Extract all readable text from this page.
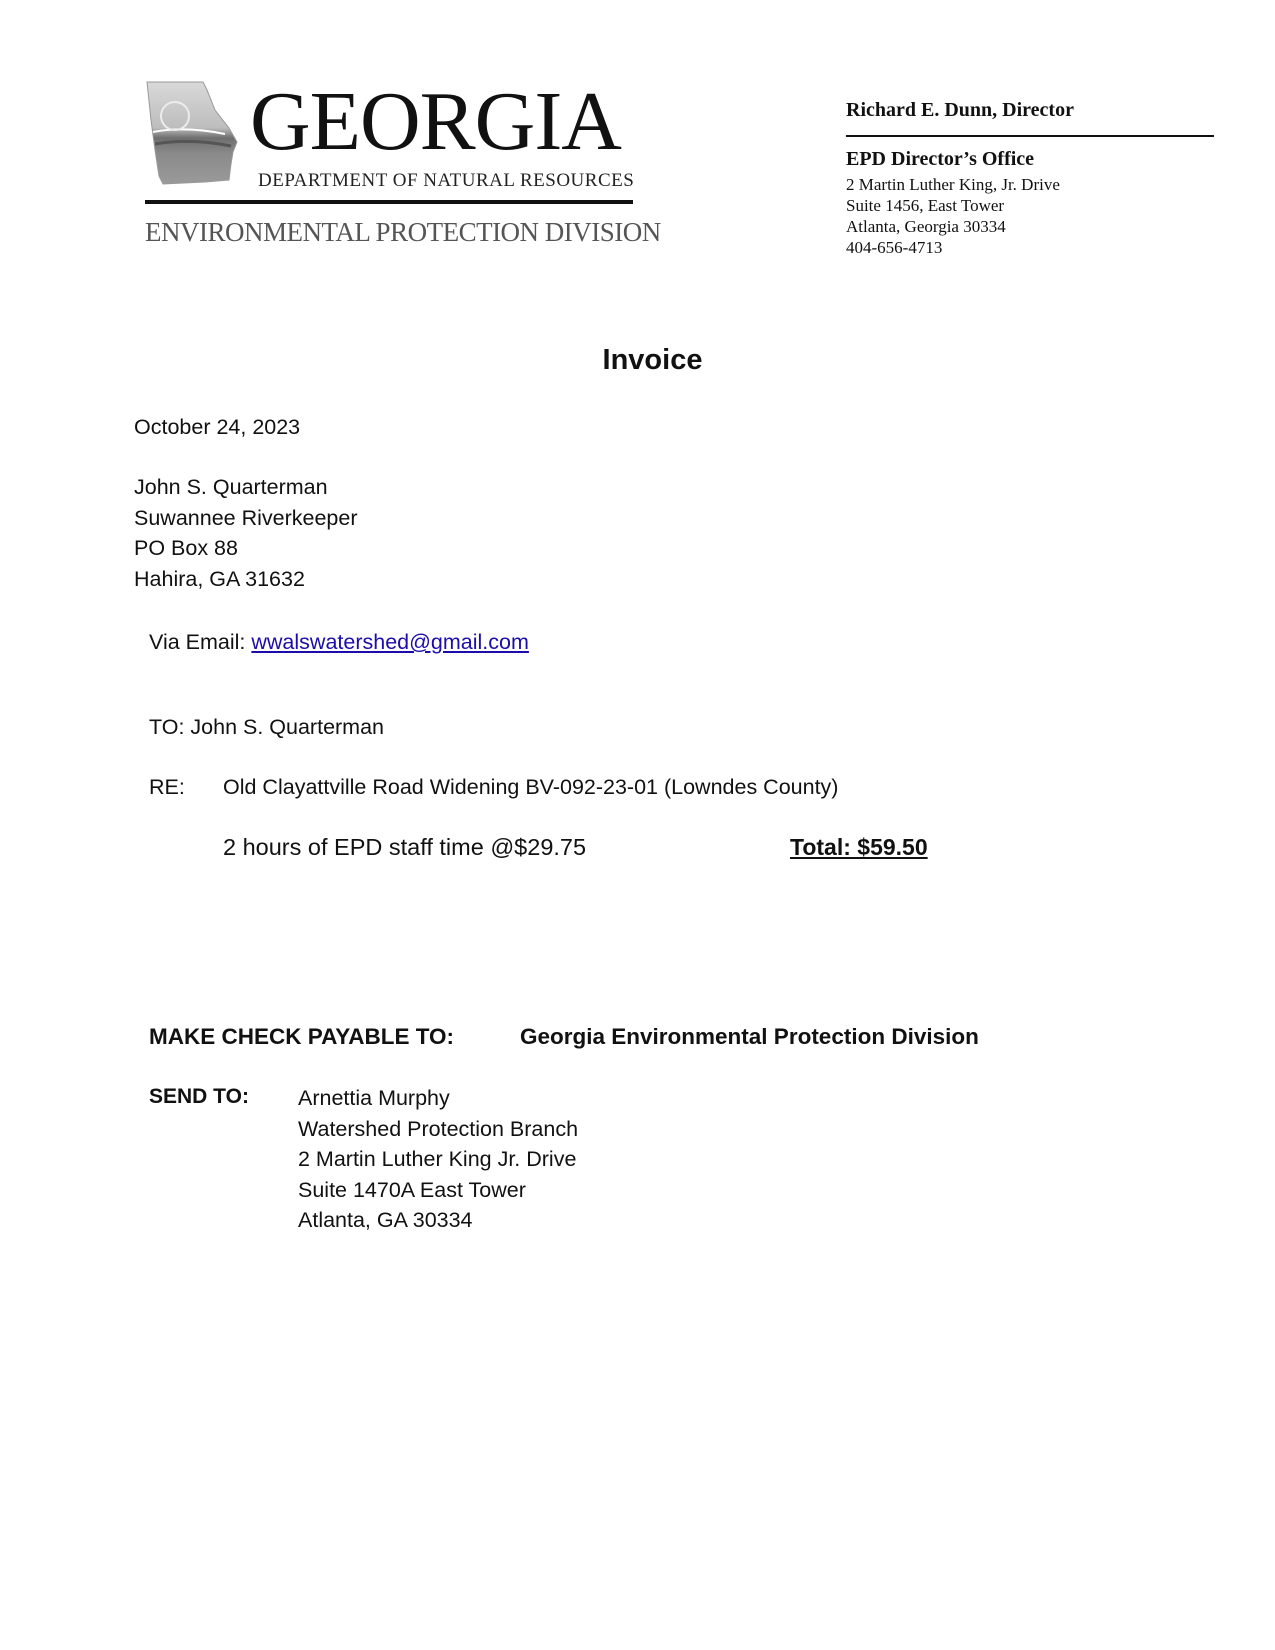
GEORGIA
DEPARTMENT OF NATURAL RESOURCES
ENVIRONMENTAL PROTECTION DIVISION
Richard E. Dunn, Director
EPD Director’s Office
2 Martin Luther King, Jr. Drive
Suite 1456, East Tower
Atlanta, Georgia 30334
404-656-4713
Invoice
October 24, 2023
John S. Quarterman
Suwannee Riverkeeper
PO Box 88
Hahira, GA 31632
Via Email: wwalswatershed@gmail.com
TO: John S. Quarterman
RE: Old Clayattville Road Widening BV-092-23-01 (Lowndes County)
2 hours of EPD staff time @$29.75	Total: $59.50
MAKE CHECK PAYABLE TO:	Georgia Environmental Protection Division
SEND TO: Arnettia Murphy
Watershed Protection Branch
2 Martin Luther King Jr. Drive
Suite 1470A East Tower
Atlanta, GA 30334
